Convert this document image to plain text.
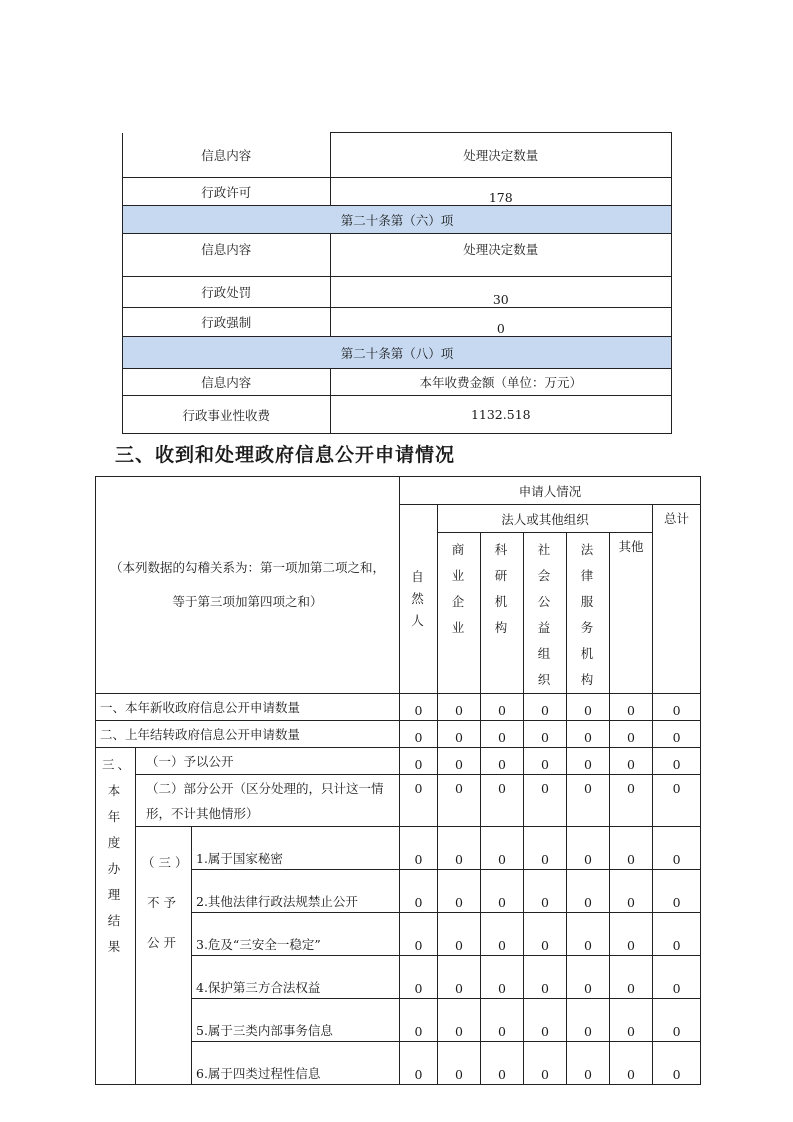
信息内容	处理决定数量
行政许可	178
第二十条第（六）项	
信息内容	处理决定数量
行政处罚	30
行政强制	0
第二十条第（八）项	
信息内容	本年收费金额（单位：万元）
行政事业性收费	1132.518
三、收到和处理政府信息公开申请情况
（本列数据的勾稽关系为：第一项加第二项之和，
等于第三项加第四项之和）			申请人情况						
			自然人	法人或其他组织					总计
				商业企业	科研机构	社会公益组织	法律服务机构	其他	
一、本年新收政府信息公开申请数量			0	0	0	0	0	0	0
二、上年结转政府信息公开申请数量			0	0	0	0	0	0	0
三、本年度办理结果	（一）予以公开		0	0	0	0	0	0	0
	（二）部分公开（区分处理的，只计这一情形，不计其他情形）		0	0	0	0	0	0	0
	（三）不予公开	1.属于国家秘密	0	0	0	0	0	0	0
		2.其他法律行政法规禁止公开	0	0	0	0	0	0	0
		3.危及“三安全一稳定”	0	0	0	0	0	0	0
		4.保护第三方合法权益	0	0	0	0	0	0	0
		5.属于三类内部事务信息	0	0	0	0	0	0	0
		6.属于四类过程性信息	0	0	0	0	0	0	0
